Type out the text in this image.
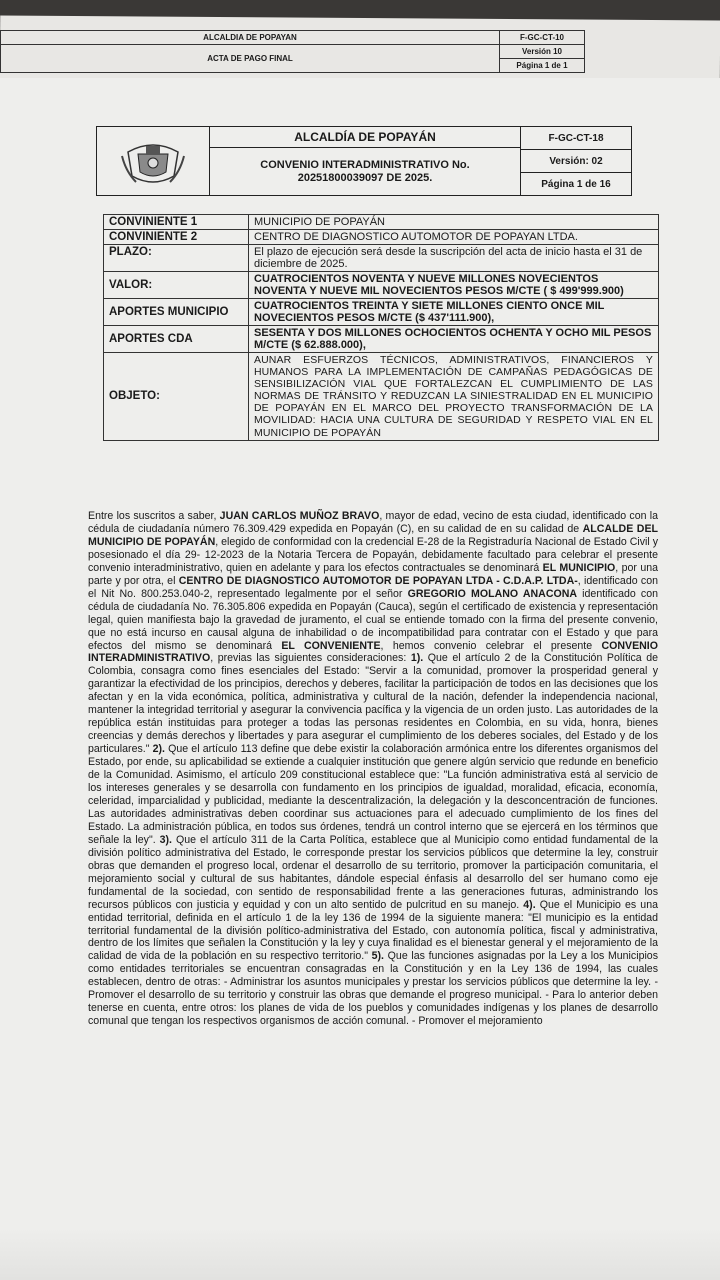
ALCALDIA DE POPAYAN	F-GC-CT-10
ACTA DE PAGO FINAL	Versión 10
	Página 1 de 1
ALCALDÍA DE POPAYÁN
CONVENIO INTERADMINISTRATIVO No. 20251800039097 DE 2025.
F-GC-CT-18
Versión: 02
Página 1 de 16
CONVINIENTE 1	MUNICIPIO DE POPAYÁN
CONVINIENTE 2	CENTRO DE DIAGNOSTICO AUTOMOTOR DE POPAYAN LTDA.
PLAZO:	El plazo de ejecución será desde la suscripción del acta de inicio hasta el 31 de diciembre de 2025.
VALOR:	CUATROCIENTOS NOVENTA Y NUEVE MILLONES NOVECIENTOS NOVENTA Y NUEVE MIL NOVECIENTOS PESOS M/CTE ( $ 499'999.900)
APORTES MUNICIPIO	CUATROCIENTOS TREINTA Y SIETE MILLONES CIENTO ONCE MIL NOVECIENTOS PESOS M/CTE ($ 437'111.900),
APORTES CDA	SESENTA Y DOS MILLONES OCHOCIENTOS OCHENTA Y OCHO MIL PESOS M/CTE ($ 62.888.000),
OBJETO:	AUNAR ESFUERZOS TÉCNICOS, ADMINISTRATIVOS, FINANCIEROS Y HUMANOS PARA LA IMPLEMENTACIÓN DE CAMPAÑAS PEDAGÓGICAS DE SENSIBILIZACIÓN VIAL QUE FORTALEZCAN EL CUMPLIMIENTO DE LAS NORMAS DE TRÁNSITO Y REDUZCAN LA SINIESTRALIDAD EN EL MUNICIPIO DE POPAYÁN EN EL MARCO DEL PROYECTO TRANSFORMACIÓN DE LA MOVILIDAD: HACIA UNA CULTURA DE SEGURIDAD Y RESPETO VIAL EN EL MUNICIPIO DE POPAYÁN
Entre los suscritos a saber, JUAN CARLOS MUÑOZ BRAVO, mayor de edad, vecino de esta ciudad, identificado con la cédula de ciudadanía número 76.309.429 expedida en Popayán (C), en su calidad de en su calidad de ALCALDE DEL MUNICIPIO DE POPAYÁN, elegido de conformidad con la credencial E-28 de la Registraduría Nacional de Estado Civil y posesionado el día 29- 12-2023 de la Notaria Tercera de Popayán, debidamente facultado para celebrar el presente convenio interadministrativo, quien en adelante y para los efectos contractuales se denominará EL MUNICIPIO, por una parte y por otra, el CENTRO DE DIAGNOSTICO AUTOMOTOR DE POPAYAN LTDA - C.D.A.P. LTDA-, identificado con el Nit No. 800.253.040-2, representado legalmente por el señor GREGORIO MOLANO ANACONA identificado con cédula de ciudadanía No. 76.305.806 expedida en Popayán (Cauca), según el certificado de existencia y representación legal, quien manifiesta bajo la gravedad de juramento, el cual se entiende tomado con la firma del presente convenio, que no está incurso en causal alguna de inhabilidad o de incompatibilidad para contratar con el Estado y que para efectos del mismo se denominará EL CONVENIENTE, hemos convenio celebrar el presente CONVENIO INTERADMINISTRATIVO, previas las siguientes consideraciones: 1). Que el artículo 2 de la Constitución Política de Colombia, consagra como fines esenciales del Estado: "Servir a la comunidad, promover la prosperidad general y garantizar la efectividad de los principios, derechos y deberes, facilitar la participación de todos en las decisiones que los afectan y en la vida económica, política, administrativa y cultural de la nación, defender la independencia nacional, mantener la integridad territorial y asegurar la convivencia pacífica y la vigencia de un orden justo. Las autoridades de la república están instituidas para proteger a todas las personas residentes en Colombia, en su vida, honra, bienes creencias y demás derechos y libertades y para asegurar el cumplimiento de los deberes sociales, del Estado y de los particulares." 2). Que el artículo 113 define que debe existir la colaboración armónica entre los diferentes organismos del Estado, por ende, su aplicabilidad se extiende a cualquier institución que genere algún servicio que redunde en beneficio de la Comunidad. Asimismo, el artículo 209 constitucional establece que: "La función administrativa está al servicio de los intereses generales y se desarrolla con fundamento en los principios de igualdad, moralidad, eficacia, economía, celeridad, imparcialidad y publicidad, mediante la descentralización, la delegación y la desconcentración de funciones. Las autoridades administrativas deben coordinar sus actuaciones para el adecuado cumplimiento de los fines del Estado. La administración pública, en todos sus órdenes, tendrá un control interno que se ejercerá en los términos que señale la ley". 3). Que el artículo 311 de la Carta Política, establece que al Municipio como entidad fundamental de la división político administrativa del Estado, le corresponde prestar los servicios públicos que determine la ley, construir obras que demanden el progreso local, ordenar el desarrollo de su territorio, promover la participación comunitaria, el mejoramiento social y cultural de sus habitantes, dándole especial énfasis al desarrollo del ser humano como eje fundamental de la sociedad, con sentido de responsabilidad frente a las generaciones futuras, administrando los recursos públicos con justicia y equidad y con un alto sentido de pulcritud en su manejo. 4). Que el Municipio es una entidad territorial, definida en el artículo 1 de la ley 136 de 1994 de la siguiente manera: "El municipio es la entidad territorial fundamental de la división político-administrativa del Estado, con autonomía política, fiscal y administrativa, dentro de los límites que señalen la Constitución y la ley y cuya finalidad es el bienestar general y el mejoramiento de la calidad de vida de la población en su respectivo territorio." 5). Que las funciones asignadas por la Ley a los Municipios como entidades territoriales se encuentran consagradas en la Constitución y en la Ley 136 de 1994, las cuales establecen, dentro de otras: - Administrar los asuntos municipales y prestar los servicios públicos que determine la ley. - Promover el desarrollo de su territorio y construir las obras que demande el progreso municipal. - Para lo anterior deben tenerse en cuenta, entre otros: los planes de vida de los pueblos y comunidades indígenas y los planes de desarrollo comunal que tengan los respectivos organismos de acción comunal. - Promover el mejoramiento
